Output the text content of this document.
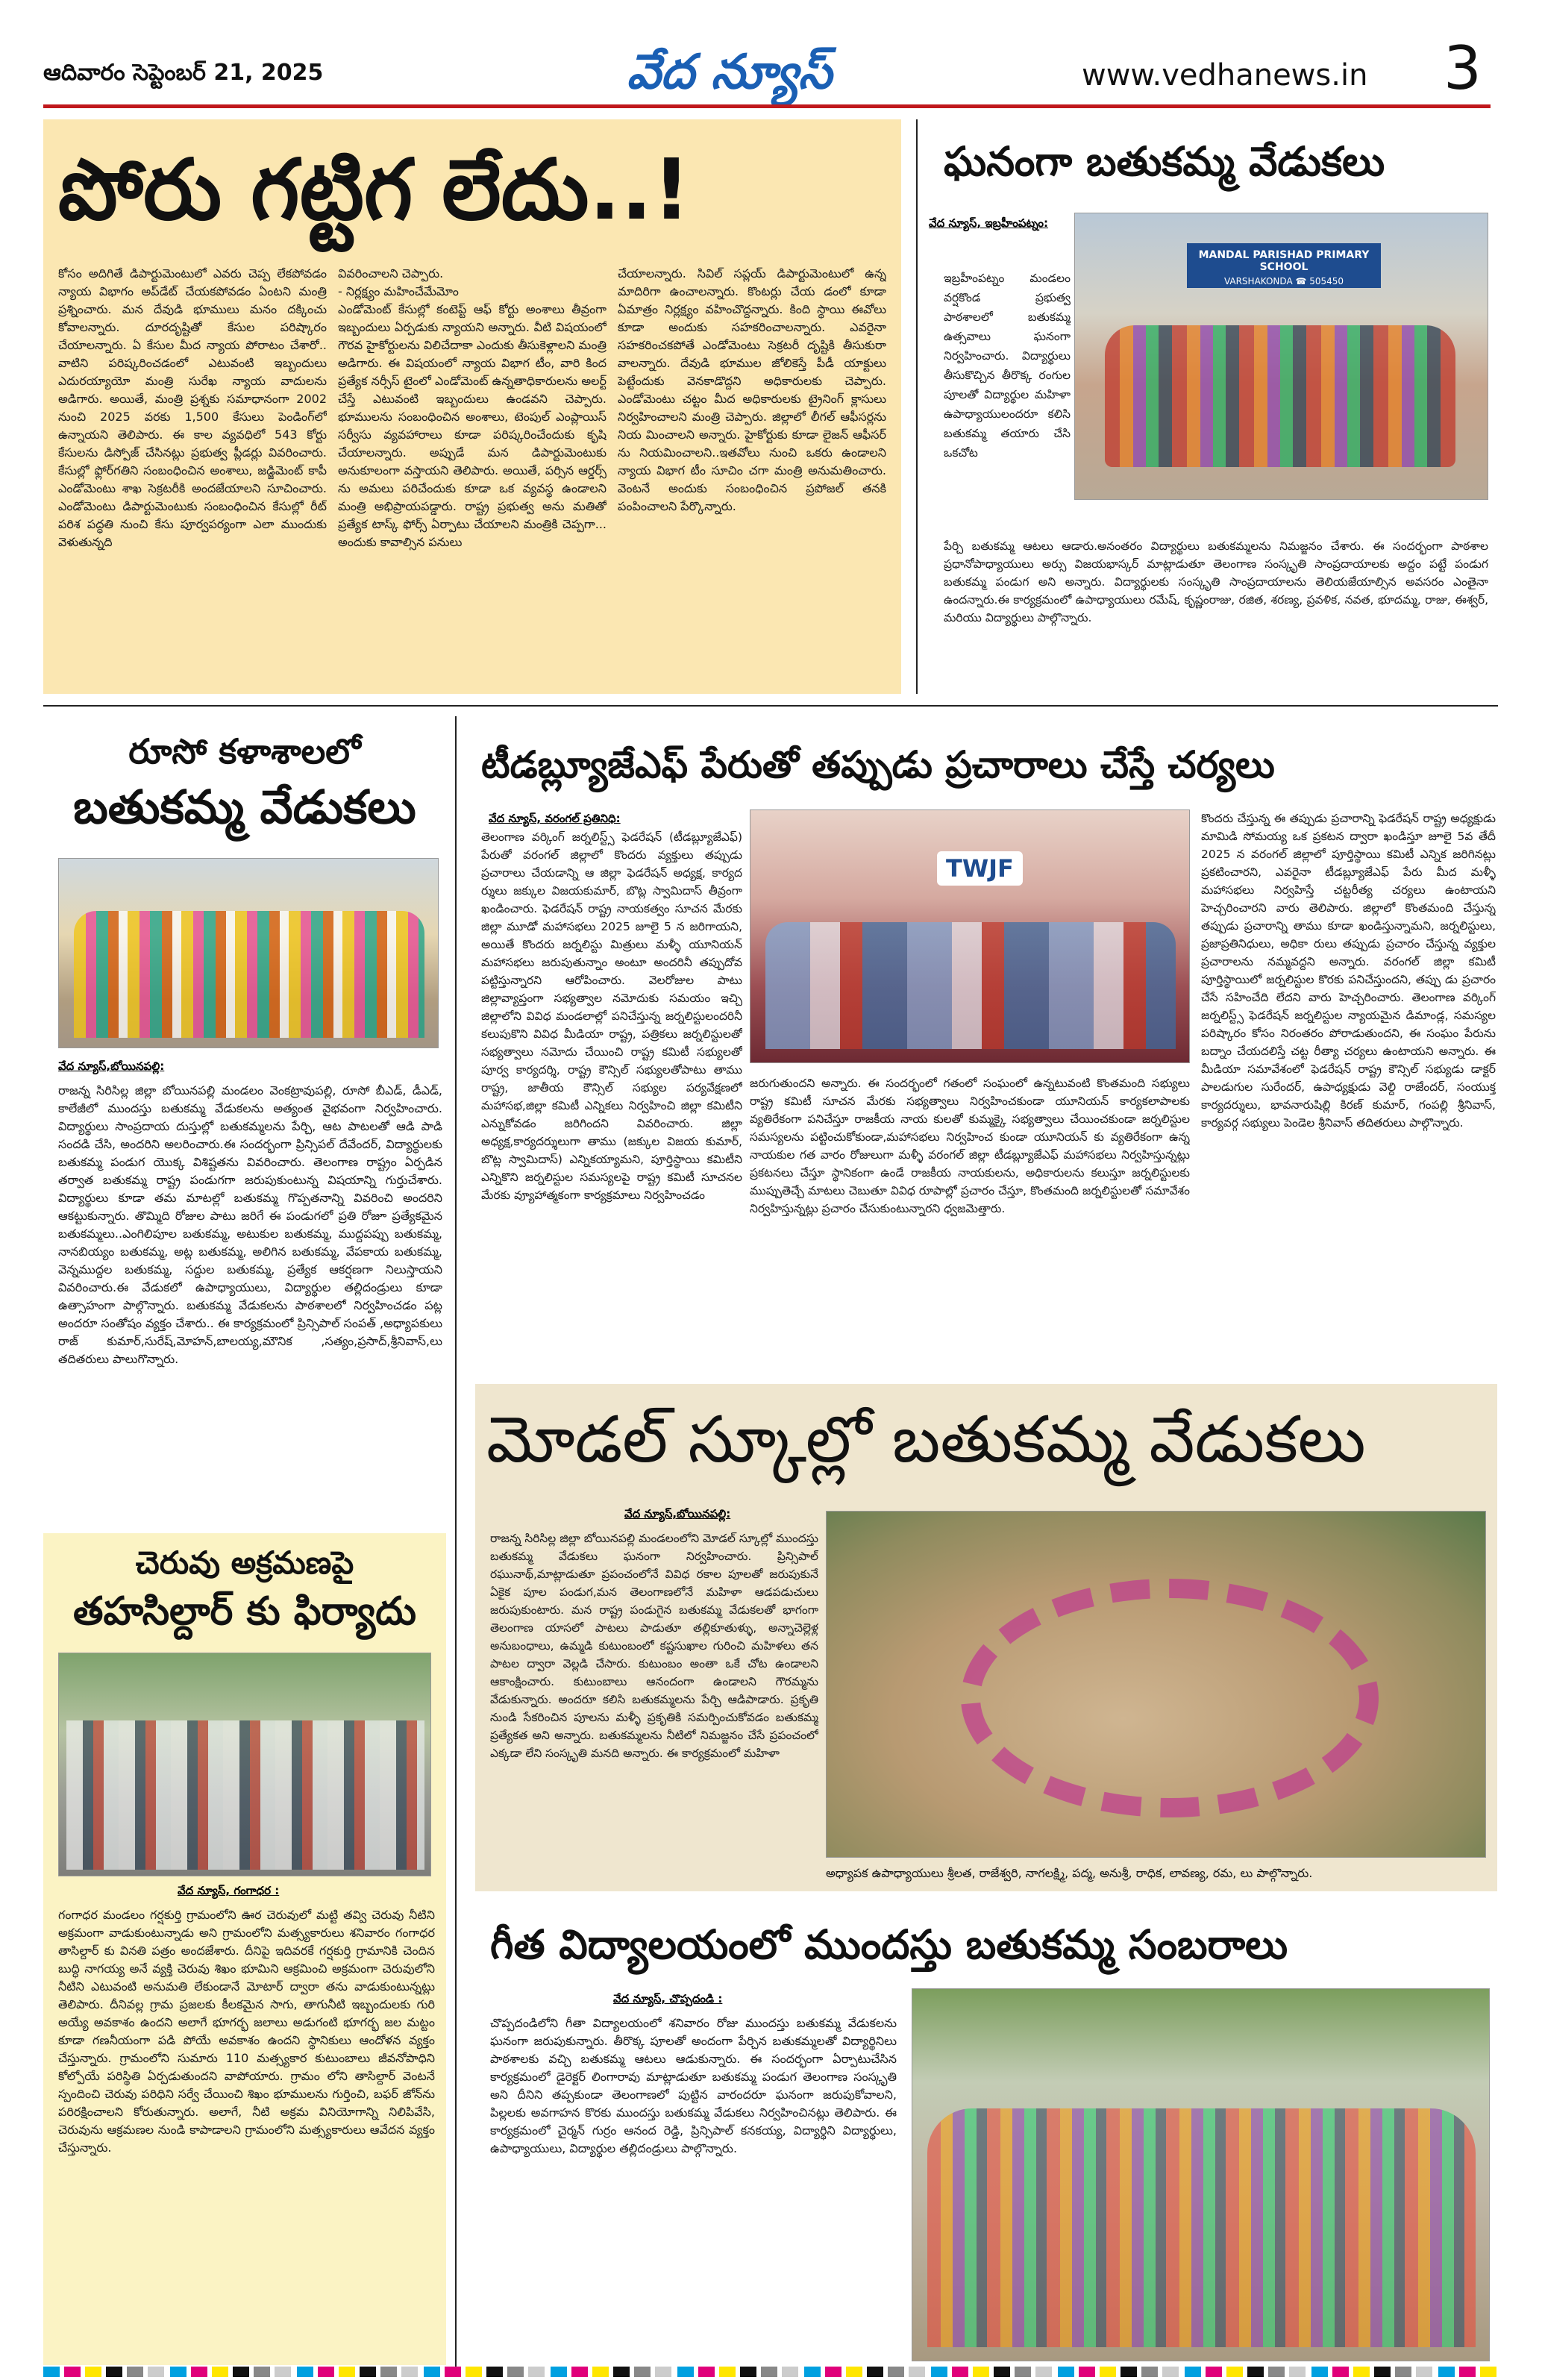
ఆదివారం సెప్టెంబర్ 21, 2025	వేద న్యూస్	www.vedhanews.in 3
పోరు గట్టిగ లేదు..!
కోసం అదిగితే డిపార్టుమెంటులో ఎవరు చెప్ప లేకపోవడం న్యాయ విభాగం అప్‌డేట్ చేయకపోవడం ఏంటని మంత్రి ప్రశ్నించారు. మన దేవుడి భూములు మనం దక్కించు కోవాలన్నారు. దూరదృష్టితో కేసుల పరిష్కారం చేయాలన్నారు. ఏ కేసుల మీద న్యాయ పోరాటం చేశారో.. వాటిని పరిష్కరించడంలో ఎటువంటి ఇబ్బందులు ఎదురయ్యాయో మంత్రి సురేఖ న్యాయ వాదులను అడిగారు. అయితే, మంత్రి ప్రశ్నకు సమాధానంగా 2002 నుంచి 2025 వరకు 1,500 కేసులు పెండింగ్‌లో ఉన్నాయని తెలిపారు. ఈ కాల వ్యవధిలో 543 కోర్టు కేసులను డిస్పోజ్ చేసినట్లు ప్రభుత్వ ప్లీడర్లు వివరించారు. కేసుల్లో ఫ్లోర్‌గతిని సంబంధించిన అంశాలు, జడ్జిమెంట్ కాపీ ఎండోమెంటు శాఖ సెక్రటరీకి అందజేయాలని సూచించారు. ఎండోమెంటు డిపార్టుమెంటుకు సంబంధించిన కేసుల్లో రీట్ పరిశ పద్ధతి నుంచి కేసు పూర్వపర్యంగా ఎలా ముందుకు వెళుతున్నది
వివరించాలని చెప్పారు.
- నిర్లక్ష్యం మహించేమేమోం
ఎండోమెంట్ కేసుల్లో కంటెప్ట్ ఆఫ్ కోర్టు అంశాలు తీవ్రంగా ఇబ్బందులు ఏర్పడుకు న్యాయని అన్నారు. వీటి విషయంలో గౌరవ హైకోర్టులను విలిచేదాకా ఎందుకు తీసుకెళ్లాలని మంత్రి అడిగారు. ఈ విషయంలో న్యాయ విభాగ టీం, వారి కింద ప్రత్యేక నర్సీస్ టైంలో ఎండోమెంట్ ఉన్నతాధికారులను అలర్ట్ చేస్తే ఎటువంటి ఇబ్బందులు ఉండవని చెప్పారు. భూములను సంబంధించిన అంశాలు, టెంపుల్ ఎంప్లాయిస్ సర్వీసు వ్యవహారాలు కూడా పరిష్కరించేందుకు కృషి చేయాలన్నారు. అప్పుడే మన డిపార్టుమెంటుకు అనుకూలంగా వస్తాయని తెలిపారు. అయితే, పర్సిన ఆర్డర్స్ ను అమలు పరిచేందుకు కూడా ఒక వ్యవస్థ ఉండాలని మంత్రి అభిప్రాయపడ్డారు. రాష్ట్ర ప్రభుత్వ అను మతితో ప్రత్యేక టాస్క్ ఫోర్స్ ఏర్పాటు చేయాలని మంత్రికి చెప్పగా... అందుకు కావాల్సిన పనులు
చేయాలన్నారు. సివిల్ సప్లయ్ డిపార్టుమెంటులో ఉన్న మాదిరిగా ఉంచాలన్నారు. కొంటర్లు చేయ డంలో కూడా ఏమాత్రం నిర్లక్ష్యం వహించొద్దన్నారు. కింది స్థాయి ఈవోలు కూడా అందుకు సహకరించాలన్నారు. ఎవరైనా సహకరించకపోతే ఎండోమెంటు సెక్రటరీ దృష్టికి తీసుకురా వాలన్నారు. దేవుడి భూముల జోలికెస్తే పీడీ యాక్టులు పెట్టేందుకు వెనకాడొద్దని అధికారులకు చెప్పారు. ఎండోమెంటు చట్టం మీద అధికారులకు ట్రైనింగ్ క్లాసులు నిర్వహించాలని మంత్రి చెప్పారు. జిల్లాలో లీగల్ ఆఫీసర్లను నియ మించాలని అన్నారు. హైకోర్టుకు కూడా లైజన్ ఆఫీసర్ ను నియమించాలని..ఇతవోలు నుంచి ఒకరు ఉండాలని న్యాయ విభాగ టీం సూచిం చగా మంత్రి అనుమతించారు. వెంటనే అందుకు సంబంధించిన ప్రపోజల్ తనకి పంపించాలని పేర్కొన్నారు.
ఘనంగా బతుకమ్మ వేడుకలు
వేద న్యూస్, ఇబ్రహీంపట్నం:
ఇబ్రహీంపట్నం మండలం వర్షకొండ ప్రభుత్వ పాఠశాలలో బతుకమ్మ ఉత్సవాలు ఘనంగా నిర్వహించారు. విద్యార్థులు తీసుకొచ్చిన తీరొక్క రంగుల పూలతో విద్యార్థుల మహిళా ఉపాధ్యాయులందరూ కలిసి బతుకమ్మ తయారు చేసి ఒకచోట
MANDAL PARISHAD PRIMARY SCHOOL
VARSHAKONDA ☎ 505450
పేర్చి బతుకమ్మ ఆటలు ఆడారు.అనంతరం విద్యార్థులు బతుకమ్మలను నిమజ్జనం చేశారు. ఈ సందర్భంగా పాఠశాల ప్రధానోపాధ్యాయులు అర్సు విజయభాస్కర్ మాట్లాడుతూ తెలంగాణ సంస్కృతి సాంప్రదాయాలకు అద్దం పట్టే పండుగ బతుకమ్మ పండుగ అని అన్నారు. విద్యార్థులకు సంస్కృతి సాంప్రదాయాలను తెలియజేయాల్సిన అవసరం ఎంతైనా ఉందన్నారు.ఈ కార్యక్రమంలో ఉపాధ్యాయులు రమేష్, కృష్ణంరాజు, రజిత, శరణ్య, ప్రవళిక, నవత, భూదమ్మ, రాజు, ఈశ్వర్, మరియు విద్యార్థులు పాల్గొన్నారు.
రూసో కళాశాలలో
బతుకమ్మ వేడుకలు
వేద న్యూస్,బోయినపల్లి:
రాజన్న సిరిసిల్ల జిల్లా బోయినపల్లి మండలం వెంకట్రావుపల్లి, రూసో బీఎడ్, డీఎడ్, కాలేజీలో ముందస్తు బతుకమ్మ వేడుకలను అత్యంత వైభవంగా నిర్వహించారు. విద్యార్థులు సాంప్రదాయ దుస్తుల్లో బతుకమ్మలను పేర్చి, ఆట పాటలతో ఆడి పాడి సందడి చేసి, అందరిని అలరించారు.ఈ సందర్భంగా ప్రిన్సిపల్ దేవేందర్, విద్యార్థులకు బతుకమ్మ పండుగ యొక్క విశిష్టతను వివరించారు. తెలంగాణ రాష్ట్రం ఏర్పడిన తర్వాత బతుకమ్మ రాష్ట్ర పండుగగా జరుపుకుంటున్న విషయాన్ని గుర్తుచేశారు. విద్యార్థులు కూడా తమ మాటల్లో బతుకమ్మ గొప్పతనాన్ని వివరించి అందరిని ఆకట్టుకున్నారు. తొమ్మిది రోజుల పాటు జరిగే ఈ పండుగలో ప్రతి రోజూ ప్రత్యేకమైన బతుకమ్మలు..ఎంగిలిపూల బతుకమ్మ, అటుకుల బతుకమ్మ, ముద్దపప్పు బతుకమ్మ, నానబియ్యం బతుకమ్మ, అట్ల బతుకమ్మ, అలిగిన బతుకమ్మ, వేపకాయ బతుకమ్మ, వెన్నముద్దల బతుకమ్మ, సద్దుల బతుకమ్మ, ప్రత్యేక ఆకర్షణగా నిలుస్తాయని వివరించారు.ఈ వేడుకలో ఉపాధ్యాయులు, విద్యార్థుల తల్లిదండ్రులు కూడా ఉత్సాహంగా పాల్గొన్నారు. బతుకమ్మ వేడుకలను పాఠశాలలో నిర్వహించడం పట్ల అందరూ సంతోషం వ్యక్తం చేశారు.. ఈ కార్యక్రమంలో ప్రిన్సిపాల్ సంపత్ ,అధ్యాపకులు రాజ్ కుమార్,సురేష్,మోహన్,బాలయ్య,మౌనిక ,సత్యం,ప్రసాద్,శ్రీనివాస్,లు తదితరులు పాలుగొన్నారు.
టీడబ్ల్యూజేఎఫ్ పేరుతో తప్పుడు ప్రచారాలు చేస్తే చర్యలు
వేద న్యూస్, వరంగల్ ప్రతినిధి:
TWJF
తెలంగాణ వర్కింగ్ జర్నలిస్ట్స్ ఫెడరేషన్ (టీడబ్ల్యూజేఎఫ్) పేరుతో వరంగల్ జిల్లాలో కొందరు వ్యక్తులు తప్పుడు ప్రచారాలు చేయడాన్ని ఆ జిల్లా ఫెడరేషన్ అధ్యక్ష, కార్యద ర్శులు జక్కుల విజయకుమార్, బొట్ల స్వామిదాస్ తీవ్రంగా ఖండించారు. ఫెడరేషన్ రాష్ట్ర నాయకత్వం సూచన మేరకు జిల్లా మూడో మహాసభలు 2025 జూలై 5 న జరిగాయని, అయితే కొందరు జర్నలిస్టు మిత్రులు మళ్ళీ యూనియన్ మహాసభలు జరుపుతున్నాం అంటూ అందరినీ తప్పుదోవ పట్టిస్తున్నారని ఆరోపించారు. వెలరోజుల పాటు జిల్లావ్యాప్తంగా సభ్యత్వాల నమోదుకు సమయం ఇచ్చి జిల్లాలోని వివిధ మండలాల్లో పనిచేస్తున్న జర్నలిస్టులందరినీ కలుపుకొని వివిధ మీడియా రాష్ట్ర, పత్రికలు జర్నలిస్టులతో సభ్యత్వాలు నమోదు చేయించి రాష్ట్ర కమిటీ సభ్యులతో పూర్వ కార్యదర్శి, రాష్ట్ర కౌన్సిల్ సభ్యులతోపాటు తాము రాష్ట్ర, జాతీయ కౌన్సిల్ సభ్యుల పర్యవేక్షణలో మహాసభ,జిల్లా కమిటీ ఎన్నికలు నిర్వహించి జిల్లా కమిటీని ఎన్నుకోవడం జరిగిందని వివరించారు. జిల్లా అధ్యక్ష,కార్యదర్శులుగా తాము (జక్కుల విజయ కుమార్, బొట్ల స్వామిదాస్) ఎన్నికయ్యామని, పూర్తిస్థాయి కమిటీని ఎన్నికొని జర్నలిస్టుల సమస్యలపై రాష్ట్ర కమిటీ సూచనల మేరకు వ్యూహాత్మకంగా కార్యక్రమాలు నిర్వహించడం
జరుగుతుందని అన్నారు. ఈ సందర్భంలో గతంలో సంఘంలో ఉన్నటువంటి కొంతమంది సభ్యులు రాష్ట్ర కమిటీ సూచన మేరకు సభ్యత్వాలు నిర్వహించకుండా యూనియన్ కార్యకలాపాలకు వ్యతిరేకంగా పనిచేస్తూ రాజకీయ నాయ కులతో కుమ్మక్కై సభ్యత్వాలు చేయించకుండా జర్నలిస్టుల సమస్యలను పట్టించుకోకుండా,మహాసభలు నిర్వహించ కుండా యూనియన్ కు వ్యతిరేకంగా ఉన్న నాయకుల గత వారం రోజులుగా మళ్ళీ వరంగల్ జిల్లా టీడబ్ల్యూజేఎఫ్ మహాసభలు నిర్వహిస్తున్నట్లు ప్రకటనలు చేస్తూ స్థానికంగా ఉండే రాజకీయ నాయకులను, అధికారులను కలుస్తూ జర్నలిస్టులకు ముప్పుతెచ్చే మాటలు చెబుతూ వివిధ రూపాల్లో ప్రచారం చేస్తూ, కొంతమంది జర్నలిస్టులతో సమావేశం నిర్వహిస్తున్నట్లు ప్రచారం చేసుకుంటున్నారని ధ్వజమెత్తారు.
కొందరు చేస్తున్న ఈ తప్పుడు ప్రచారాన్ని ఫెడరేషన్ రాష్ట్ర అధ్యక్షుడు మామిడి సోమయ్య ఒక ప్రకటన ద్వారా ఖండిస్తూ జూలై 5వ తేదీ 2025 న వరంగల్ జిల్లాలో పూర్తిస్థాయి కమిటీ ఎన్నిక జరిగినట్లు ప్రకటించారని, ఎవరైనా టీడబ్ల్యూజేఎఫ్ పేరు మీద మళ్ళీ మహాసభలు నిర్వహిస్తే చట్టరీత్య చర్యలు ఉంటాయని హెచ్చరించారని వారు తెలిపారు. జిల్లాలో కొంతమంది చేస్తున్న తప్పుడు ప్రచారాన్ని తాము కూడా ఖండిస్తున్నామని, జర్నలిస్టులు, ప్రజాప్రతినిధులు, అధికా రులు తప్పుడు ప్రచారం చేస్తున్న వ్యక్తుల ప్రచారాలను నమ్మవద్దని అన్నారు. వరంగల్ జిల్లా కమిటీ పూర్తిస్థాయిలో జర్నలిస్టుల కొరకు పనిచేస్తుందని, తప్పు డు ప్రచారం చేసే సహించేది లేదని వారు హెచ్చరించారు. తెలంగాణ వర్కింగ్ జర్నలిస్ట్స్ ఫెడరేషన్ జర్నలిస్టుల న్యాయమైన డిమాండ్ల, సమస్యల పరిష్కారం కోసం నిరంతరం పోరాడుతుందని, ఈ సంఘం పేరును బద్నాం చేయదలిస్తే చట్ట రీత్యా చర్యలు ఉంటాయని అన్నారు. ఈ మీడియా సమావేశంలో ఫెడరేషన్ రాష్ట్ర కౌన్సిల్ సభ్యుడు డాక్టర్ పాలడుగుల సురేందర్, ఉపాధ్యక్షుడు వెల్ది రాజేందర్, సంయుక్త కార్యదర్శులు, భావనారుషిల్లి కిరణ్ కుమార్, గంపల్లి శ్రీనివాస్, కార్యవర్గ సభ్యులు పెండెల శ్రీనివాస్ తదితరులు పాల్గొన్నారు.
చెరువు అక్రమణపై
తహసిల్దార్ కు ఫిర్యాదు
వేద న్యూస్, గంగాధర :
గంగాధర మండలం గర్షకుర్తి గ్రామంలోని ఊర చెరువులో మట్టి తవ్వి చెరువు నీటిని అక్రమంగా వాడుకుంటున్నాడు అని గ్రామంలోని మత్స్యకారులు శనివారం గంగాధర తాసిల్దార్ కు వినతి పత్రం అందజేశారు. దీనిపై ఇదివరకే గర్షకుర్తి గ్రామానికి చెందిన బుద్ధి నాగయ్య అనే వ్యక్తి చెరువు శిఖం భూమిని ఆక్రమించి అక్రమంగా చెరువులోని నీటిని ఎటువంటి అనుమతి లేకుండానే మోటార్ ద్వారా తను వాడుకుంటున్నట్లు తెలిపారు. దీనివల్ల గ్రామ ప్రజలకు కీలకమైన సాగు, తాగునీటి ఇబ్బందులకు గురి అయ్యే అవకాశం ఉందని అలాగే భూగర్భ జలాలు అడుగంటి భూగర్భ జల మట్టం కూడా గణనీయంగా పడి పోయే అవకాశం ఉందని స్థానికులు ఆందోళన వ్యక్తం చేస్తున్నారు. గ్రామంలోని సుమారు 110 మత్స్యకార కుటుంబాలు జీవనోపాధిని కోల్పోయే పరిస్థితి ఏర్పడుతుందని వాపోయారు. గ్రామం లోని తాసిల్దార్ వెంటనే స్పందించి చెరువు పరిధిని సర్వే చేయించి శిఖం భూములను గుర్తించి, బఫర్ జోన్‌ను పరిరక్షించాలని కోరుతున్నారు. అలాగే, నీటి అక్రమ వినియోగాన్ని నిలిపివేసి, చెరువును ఆక్రమణల నుండి కాపాడాలని గ్రామంలోని మత్స్యకారులు ఆవేదన వ్యక్తం చేస్తున్నారు.
మోడల్ స్కూల్లో బతుకమ్మ వేడుకలు
వేద న్యూస్,బోయినపల్లి:
రాజన్న సిరిసిల్ల జిల్లా బోయినపల్లి మండలంలోని మోడల్ స్కూల్లో ముందస్తు బతుకమ్మ వేడుకలు ఘనంగా నిర్వహించారు. ప్రిన్సిపాల్ రఘునాథ్,మాట్లాడుతూ ప్రపంచంలోనే వివిధ రకాల పూలతో జరుపుకునే ఏకైక పూల పండుగ,మన తెలంగాణలోనే మహిళా ఆడపడుచులు జరుపుకుంటారు. మన రాష్ట్ర పండుగైన బతుకమ్మ వేడుకలతో భాగంగా తెలంగాణ యాసలో పాటలు పాడుతూ తల్లికూతుళ్ళు, అన్నాచెల్లెళ్ల అనుబంధాలు, ఉమ్మడి కుటుంబంలో కష్టసుఖాల గురించి మహిళలు తన పాటల ద్వారా వెల్లడి చేసారు. కుటుంబం అంతా ఒకే చోట ఉండాలని ఆకాంక్షించారు. కుటుంబాలు ఆనందంగా ఉండాలని గౌరమ్మను వేడుకున్నారు. అందరూ కలిసి బతుకమ్మలను పేర్చి ఆడిపాడారు. ప్రకృతి నుండి సేకరించిన పూలను మళ్ళీ ప్రకృతికి సమర్పించుకోవడం బతుకమ్మ ప్రత్యేకత అని అన్నారు. బతుకమ్మలను నీటిలో నిమజ్జనం చేసే ప్రపంచంలో ఎక్కడా లేని సంస్కృతి మనది అన్నారు. ఈ కార్యక్రమంలో మహిళా
అధ్యాపక ఉపాధ్యాయులు శ్రీలత, రాజేశ్వరి, నాగలక్ష్మి, పద్మ, అనుశ్రీ, రాధిక, లావణ్య, రమ, లు పాల్గొన్నారు.
గీత విద్యాలయంలో ముందస్తు బతుకమ్మ సంబరాలు
వేద న్యూస్, చొప్పదండి :
చొప్పదండిలోని గీతా విద్యాలయంలో శనివారం రోజు ముందస్తు బతుకమ్మ వేడుకలను ఘనంగా జరుపుకున్నారు. తీరొక్క పూలతో అందంగా పేర్చిన బతుకమ్మలతో విద్యార్థినిలు పాఠశాలకు వచ్చి బతుకమ్మ ఆటలు ఆడుకున్నారు. ఈ సందర్భంగా ఏర్పాటుచేసిన కార్యక్రమంలో డైరెక్టర్ లింగారావు మాట్లాడుతూ బతుకమ్మ పండుగ తెలంగాణ సంస్కృతి అని దీనిని తప్పకుండా తెలంగాణలో పుట్టిన వారందరూ ఘనంగా జరుపుకోవాలని, పిల్లలకు అవగాహన కొరకు ముందస్తు బతుకమ్మ వేడుకలు నిర్వహించినట్లు తెలిపారు. ఈ కార్యక్రమంలో చైర్మన్ గుర్రం ఆనంద రెడ్డి, ప్రిన్సిపాల్ కనకయ్య, విద్యార్థిని విద్యార్థులు, ఉపాధ్యాయులు, విద్యార్థుల తల్లిదండ్రులు పాల్గొన్నారు.
